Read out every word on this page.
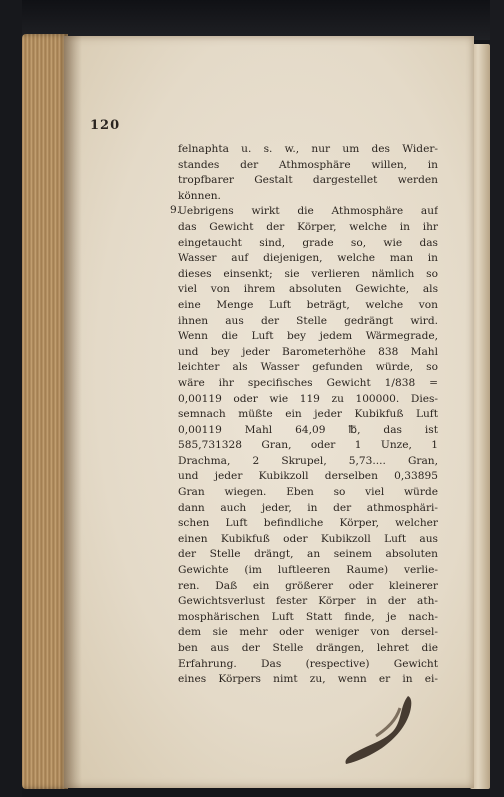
120
9.
felnaphta u. s. w., nur um des Wider-
standes der Athmosphäre willen, in
tropfbarer Gestalt dargestellet werden
können.
Uebrigens wirkt die Athmosphäre auf
das Gewicht der Körper, welche in ihr
eingetaucht sind, grade so, wie das
Wasser auf diejenigen, welche man in
dieses einsenkt; sie verlieren nämlich so
viel von ihrem absoluten Gewichte, als
eine Menge Luft beträgt, welche von
ihnen aus der Stelle gedrängt wird.
Wenn die Luft bey jedem Wärmegrade,
und bey jeder Barometerhöhe 838 Mahl
leichter als Wasser gefunden würde, so
wäre ihr specifisches Gewicht 1/838 =
0,00119 oder wie 119 zu 100000. Dies-
semnach müßte ein jeder Kubikfuß Luft
0,00119 Mahl 64,09 ℔, das ist
585,731328 Gran, oder 1 Unze, 1
Drachma, 2 Skrupel, 5,73.... Gran,
und jeder Kubikzoll derselben 0,33895
Gran wiegen. Eben so viel würde
dann auch jeder, in der athmosphäri-
schen Luft befindliche Körper, welcher
einen Kubikfuß oder Kubikzoll Luft aus
der Stelle drängt, an seinem absoluten
Gewichte (im luftleeren Raume) verlie-
ren. Daß ein größerer oder kleinerer
Gewichtsverlust fester Körper in der ath-
mosphärischen Luft Statt finde, je nach-
dem sie mehr oder weniger von dersel-
ben aus der Stelle drängen, lehret die
Erfahrung. Das (respective) Gewicht
eines Körpers nimt zu, wenn er in ei-
